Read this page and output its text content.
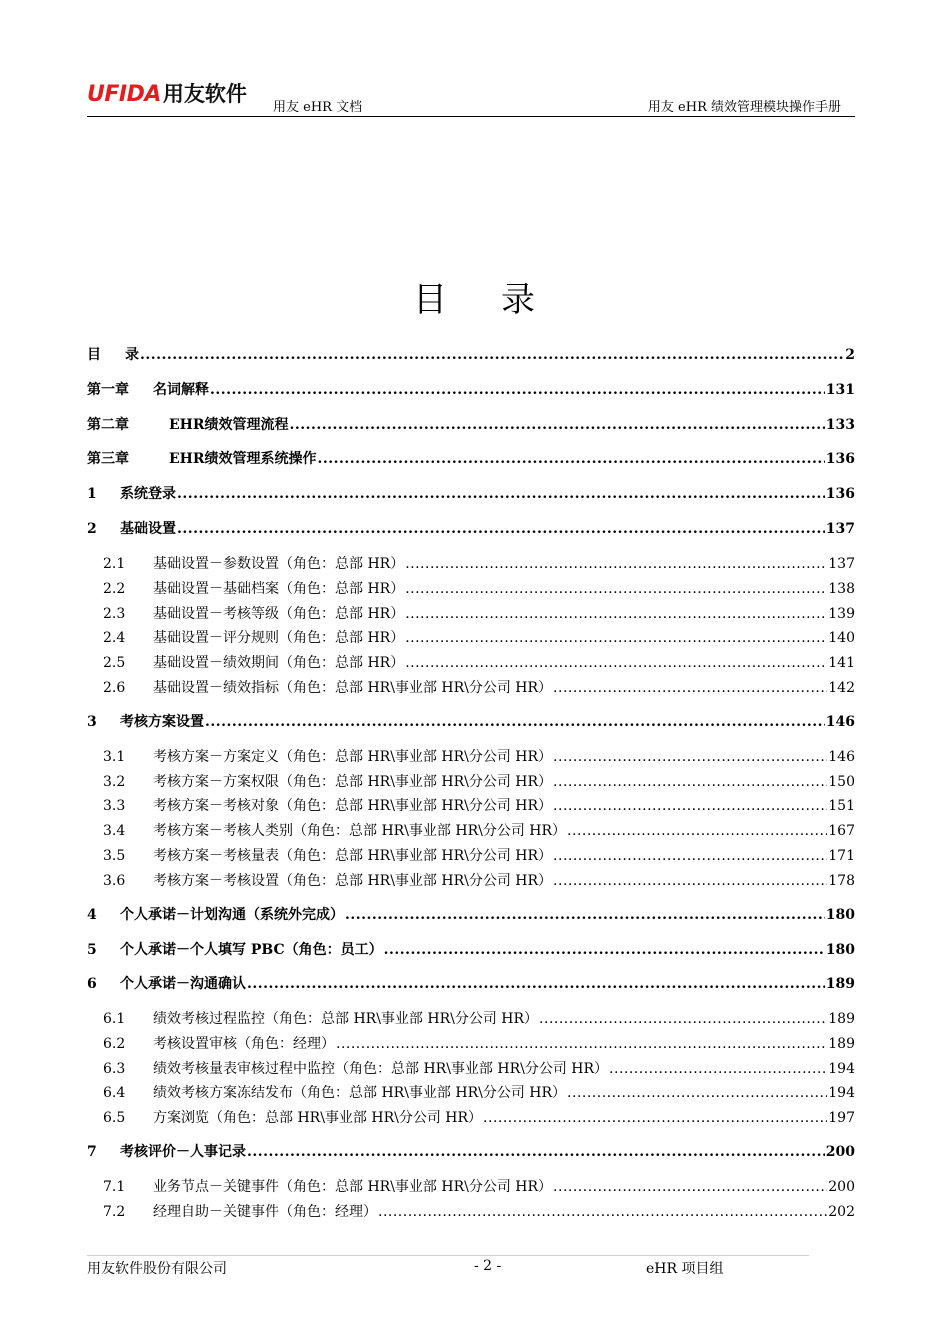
UFIDA 用友软件
用友 eHR 文档	用友 eHR 绩效管理模块操作手册
目 录
目	录 .....	2
第一章	名词解释 .....	131
第二章	EHR绩效管理流程 .....	133
第三章	EHR绩效管理系统操作 .....	136
1	系统登录 .....	136
2	基础设置 .....	137
2.1	基础设置－参数设置（角色：总部 HR） .....	137
2.2	基础设置－基础档案（角色：总部 HR） .....	138
2.3	基础设置－考核等级（角色：总部 HR） .....	139
2.4	基础设置－评分规则（角色：总部 HR） .....	140
2.5	基础设置－绩效期间（角色：总部 HR） .....	141
2.6	基础设置－绩效指标（角色：总部 HR\事业部 HR\分公司 HR） .....	142
3	考核方案设置 .....	146
3.1	考核方案－方案定义（角色：总部 HR\事业部 HR\分公司 HR） .....	146
3.2	考核方案－方案权限（角色：总部 HR\事业部 HR\分公司 HR） .....	150
3.3	考核方案－考核对象（角色：总部 HR\事业部 HR\分公司 HR） .....	151
3.4	考核方案－考核人类别（角色：总部 HR\事业部 HR\分公司 HR） .....	167
3.5	考核方案－考核量表（角色：总部 HR\事业部 HR\分公司 HR） .....	171
3.6	考核方案－考核设置（角色：总部 HR\事业部 HR\分公司 HR） .....	178
4	个人承诺－计划沟通（系统外完成） .....	180
5	个人承诺－个人填写 PBC（角色：员工） .....	180
6	个人承诺－沟通确认 .....	189
6.1	绩效考核过程监控（角色：总部 HR\事业部 HR\分公司 HR） .....	189
6.2	考核设置审核（角色：经理） .....	189
6.3	绩效考核量表审核过程中监控（角色：总部 HR\事业部 HR\分公司 HR） .....	194
6.4	绩效考核方案冻结发布（角色：总部 HR\事业部 HR\分公司 HR） .....	194
6.5	方案浏览（角色：总部 HR\事业部 HR\分公司 HR） .....	197
7	考核评价－人事记录 .....	200
7.1	业务节点－关键事件（角色：总部 HR\事业部 HR\分公司 HR） .....	200
7.2	经理自助－关键事件（角色：经理） .....	202
用友软件股份有限公司	- 2 -	eHR 项目组
